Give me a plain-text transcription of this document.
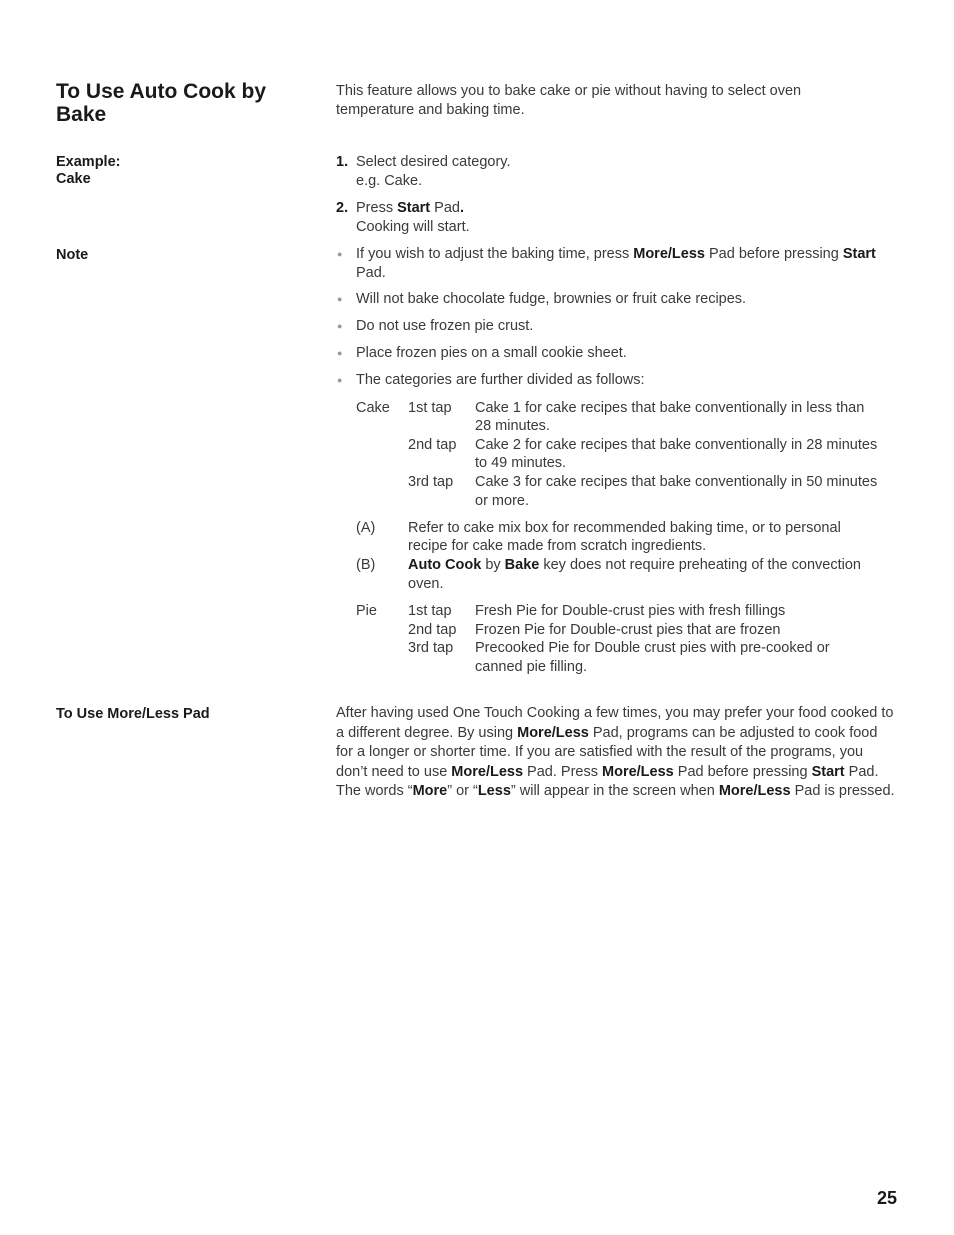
To Use Auto Cook by Bake
This feature allows you to bake cake or pie without having to select oven temperature and baking time.
Example:
Cake
1. Select desired category.
e.g. Cake.
2. Press Start Pad.
Cooking will start.
Note	● If you wish to adjust the baking time, press More/Less Pad before pressing Start
Pad.
● Will not bake chocolate fudge, brownies or fruit cake recipes.
● Do not use frozen pie crust.
● Place frozen pies on a small cookie sheet.
● The categories are further divided as follows:
Cake 1st tap Cake 1 for cake recipes that bake conventionally in less than
28 minutes.
2nd tap Cake 2 for cake recipes that bake conventionally in 28 minutes
to 49 minutes.
3rd tap Cake 3 for cake recipes that bake conventionally in 50 minutes
or more.
(A) Refer to cake mix box for recommended baking time, or to personal
recipe for cake made from scratch ingredients.
(B) Auto Cook by Bake key does not require preheating of the convection
oven.
Pie 1st tap Fresh Pie for Double-crust pies with fresh fillings
2nd tap Frozen Pie for Double-crust pies that are frozen
3rd tap Precooked Pie for Double crust pies with pre-cooked or
canned pie filling.
To Use More/Less Pad	After having used One Touch Cooking a few times, you may prefer your food cooked to a different degree. By using More/Less Pad, programs can be adjusted to cook food for a longer or shorter time. If you are satisfied with the result of the programs, you don’t need to use More/Less Pad. Press More/Less Pad before pressing Start Pad. The words “More” or “Less” will appear in the screen when More/Less Pad is pressed.
25
